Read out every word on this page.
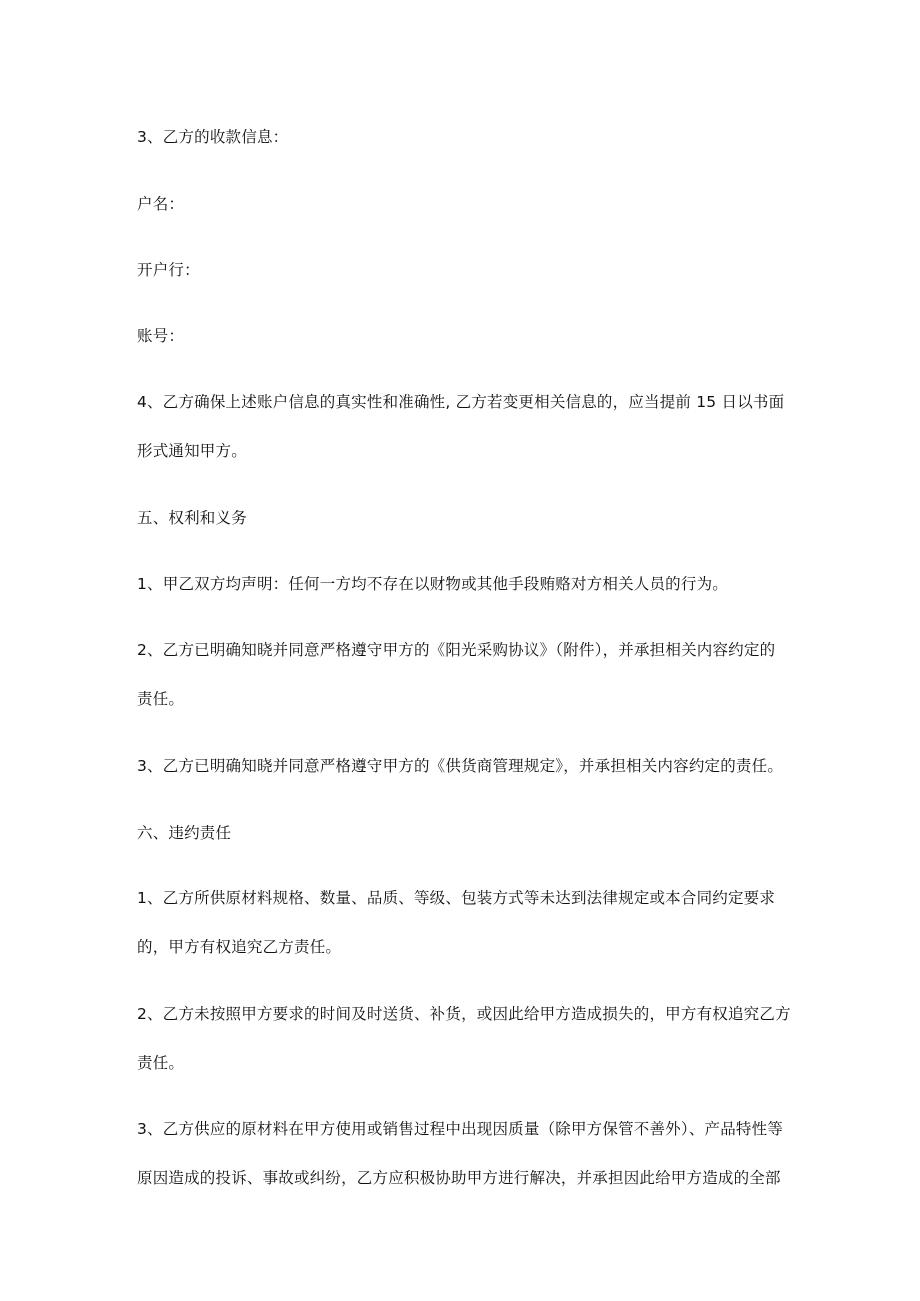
3、乙方的收款信息：
户名：
开户行：
账号：
4、乙方确保上述账户信息的真实性和准确性, 乙方若变更相关信息的，应当提前 15 日以书面
形式通知甲方。
五、权利和义务
1、甲乙双方均声明：任何一方均不存在以财物或其他手段贿赂对方相关人员的行为。
2、乙方已明确知晓并同意严格遵守甲方的《阳光采购协议》（附件），并承担相关内容约定的
责任。
3、乙方已明确知晓并同意严格遵守甲方的《供货商管理规定》，并承担相关内容约定的责任。
六、违约责任
1、乙方所供原材料规格、数量、品质、等级、包装方式等未达到法律规定或本合同约定要求
的，甲方有权追究乙方责任。
2、乙方未按照甲方要求的时间及时送货、补货，或因此给甲方造成损失的，甲方有权追究乙方
责任。
3、乙方供应的原材料在甲方使用或销售过程中出现因质量（除甲方保管不善外）、产品特性等
原因造成的投诉、事故或纠纷，乙方应积极协助甲方进行解决，并承担因此给甲方造成的全部
